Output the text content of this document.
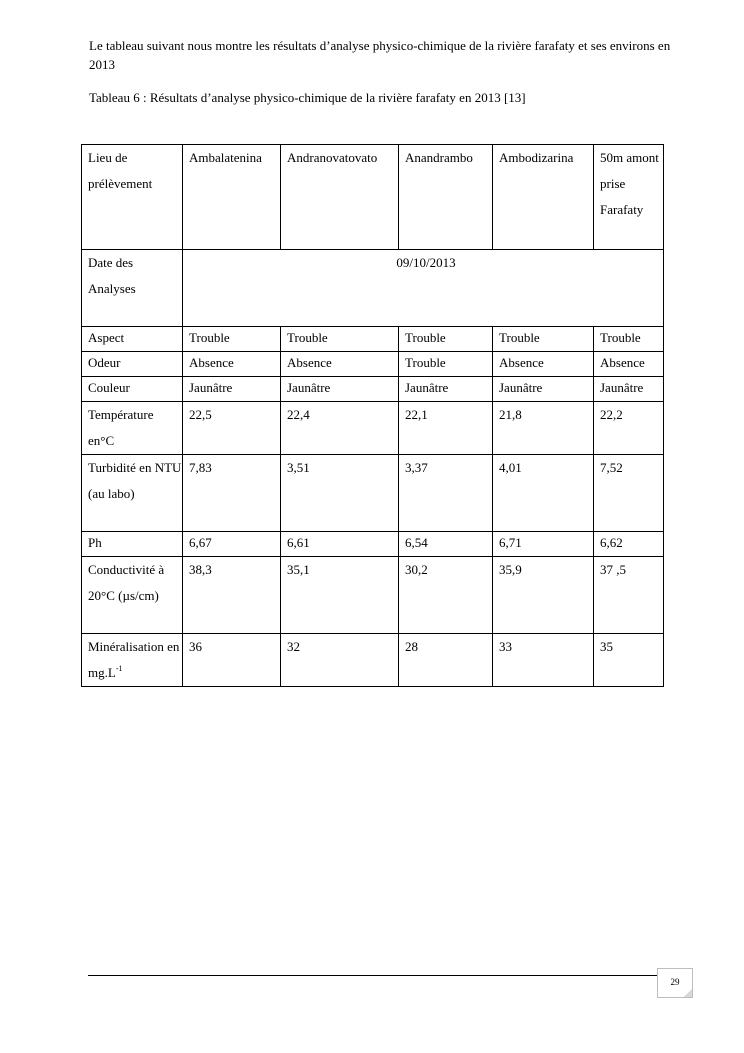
Le tableau suivant nous montre les résultats d’analyse physico-chimique de la rivière farafaty et ses environs en 2013

Tableau 6 : Résultats d’analyse physico-chimique de la rivière farafaty en 2013 [13]

Lieu de prélèvement	Ambalatenina	Andranovatovato	Anandrambo	Ambodizarina	50m amont prise Farafaty
Date des Analyses	09/10/2013				
Aspect	Trouble	Trouble	Trouble	Trouble	Trouble
Odeur	Absence	Absence	Trouble	Absence	Absence
Couleur	Jaunâtre	Jaunâtre	Jaunâtre	Jaunâtre	Jaunâtre
Température en°C	22,5	22,4	22,1	21,8	22,2
Turbidité en NTU (au labo)	7,83	3,51	3,37	4,01	7,52
Ph	6,67	6,61	6,54	6,71	6,62
Conductivité à 20°C (µs/cm)	38,3	35,1	30,2	35,9	37 ,5
Minéralisation en $mg.L^{-1}$	36	32	28	33	35
29
